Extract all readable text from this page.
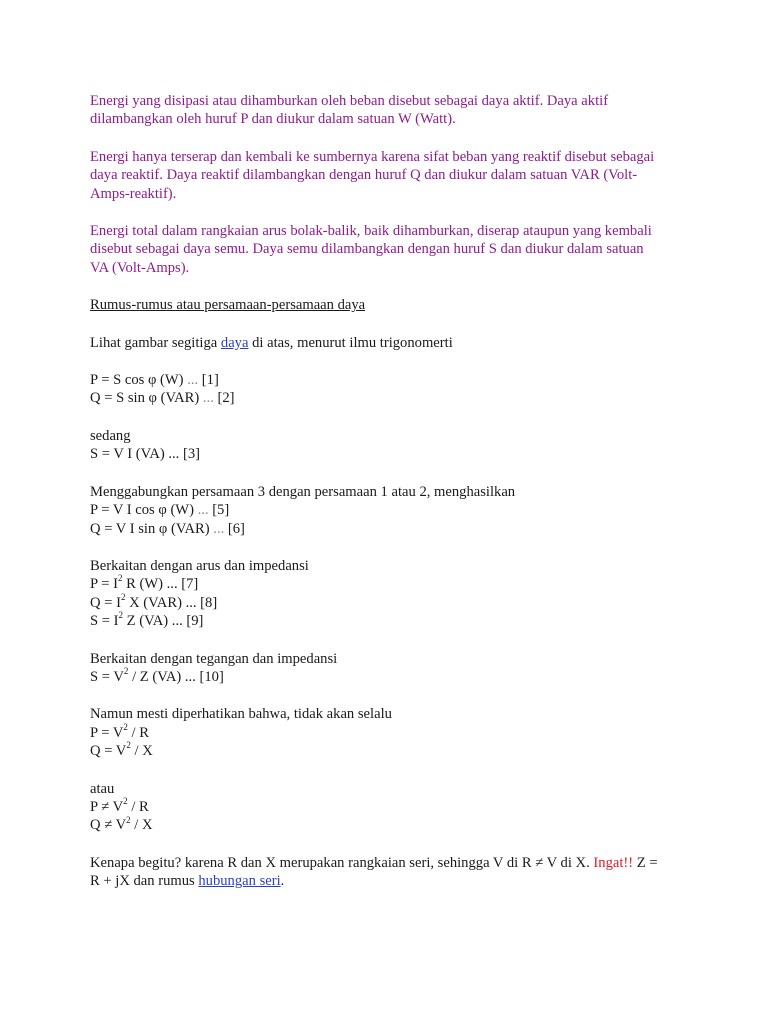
Energi yang disipasi atau dihamburkan oleh beban disebut sebagai daya aktif. Daya aktif
dilambangkan oleh huruf P dan diukur dalam satuan W (Watt).

Energi hanya terserap dan kembali ke sumbernya karena sifat beban yang reaktif disebut sebagai
daya reaktif. Daya reaktif dilambangkan dengan huruf Q dan diukur dalam satuan VAR (Volt-
Amps-reaktif).

Energi total dalam rangkaian arus bolak-balik, baik dihamburkan, diserap ataupun yang kembali
disebut sebagai daya semu. Daya semu dilambangkan dengan huruf S dan diukur dalam satuan
VA (Volt-Amps).

Rumus-rumus atau persamaan-persamaan daya

Lihat gambar segitiga daya di atas, menurut ilmu trigonomerti

P = S cos φ (W) ... [1]

Q = S sin φ (VAR) ... [2]

sedang

S = V I (VA) ... [3]

Menggabungkan persamaan 3 dengan persamaan 1 atau 2, menghasilkan

P = V I cos φ (W) ... [5]

Q = V I sin φ (VAR) ... [6]

Berkaitan dengan arus dan impedansi

$P = I^2$ R (W) ... [7]

$Q = I^2$ X (VAR) ... [8]

$S = I^2$ Z (VA) ... [9]

Berkaitan dengan tegangan dan impedansi

$S = V^2 / Z$ (VA) ... [10]

Namun mesti diperhatikan bahwa, tidak akan selalu

$P = V^2 / R$

$Q = V^2 / X$

atau

$P \ne V^2 / R$

$Q \ne V^2 / X$

Kenapa begitu? karena R dan X merupakan rangkaian seri, sehingga V di R ≠ V di X. Ingat!! Z =
R + jX dan rumus hubungan seri.
